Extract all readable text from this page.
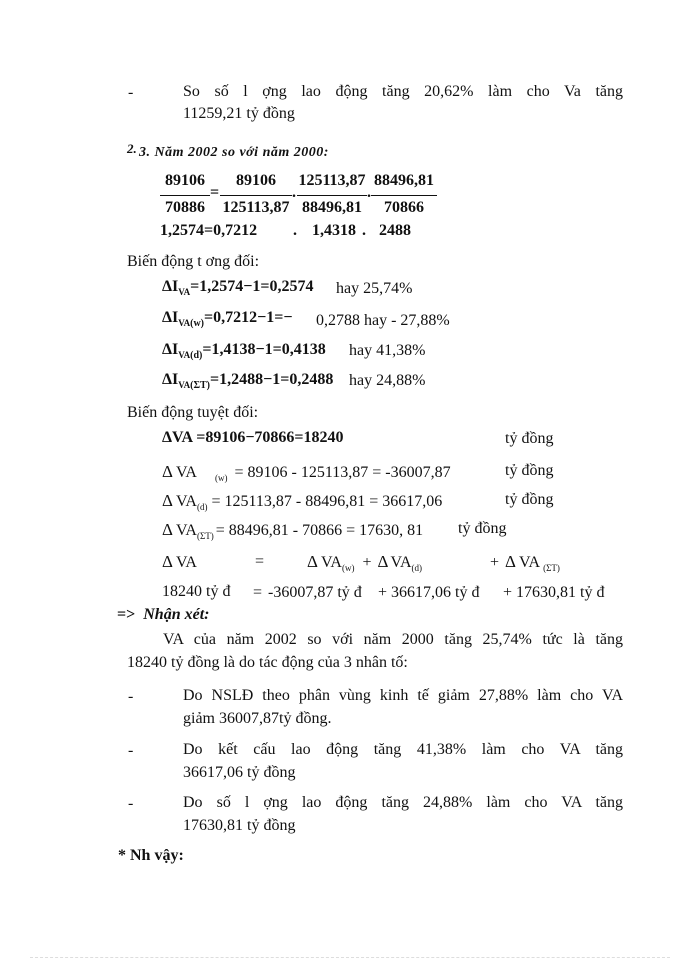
-	So số l ợng lao động tăng 20,62% làm cho Va tăng
11259,21 tỷ đồng
2. 3. Năm 2002 so với năm 2000:
89106
70886
=
89106
125113,87
.
125113,87
88496,81
.
88496,81
70866
1,2574=0,7212 . 1,4318 . 2488
Biến động t ơng đối:
$\Delta I_{VA}=1,2574-1=0,2574$ hay 25,74%
$\Delta I_{VA(w)}=0,7212-1=- 0,2788$ hay - 27,88%
$\Delta I_{VA(d)}=1,4138-1=0,4138$ hay 41,38%
$\Delta I_{VA(\Sigma T)}=1,2488-1=0,2488$ hay 24,88%
Biến động tuyệt đối:
ΔVA =89106−70866=18240	tỷ đồng
Δ VA $_{(w)}$ = 89106 - 125113,87 = -36007,87	tỷ đồng
Δ $VA_{(d)} = 125113,87 - 88496,81 = 36617,06$	tỷ đồng
Δ $VA_{(\Sigma T)} = 88496,81 - 70866 = 17630$, 81 tỷ đồng
Δ VA	=	Δ $VA_{(w)} + \Delta$ $VA_{(d)}$	+ Δ VA $_{(\Sigma T)}$
18240 tỷ đ = -36007,87 tỷ đ + 36617,06 tỷ đ + 17630,81 tỷ đ
=> Nhận xét:
VA của năm 2002 so với năm 2000 tăng 25,74% tức là tăng
18240 tỷ đồng là do tác động của 3 nhân tố:
-	Do NSLĐ theo phân vùng kinh tế giảm 27,88% làm cho VA
giảm 36007,87tỷ đồng.
-	Do kết cấu lao động tăng 41,38% làm cho VA tăng
36617,06 tỷ đồng
-	Do số l ợng lao động tăng 24,88% làm cho VA tăng
17630,81 tỷ đồng
* Nh vậy:
